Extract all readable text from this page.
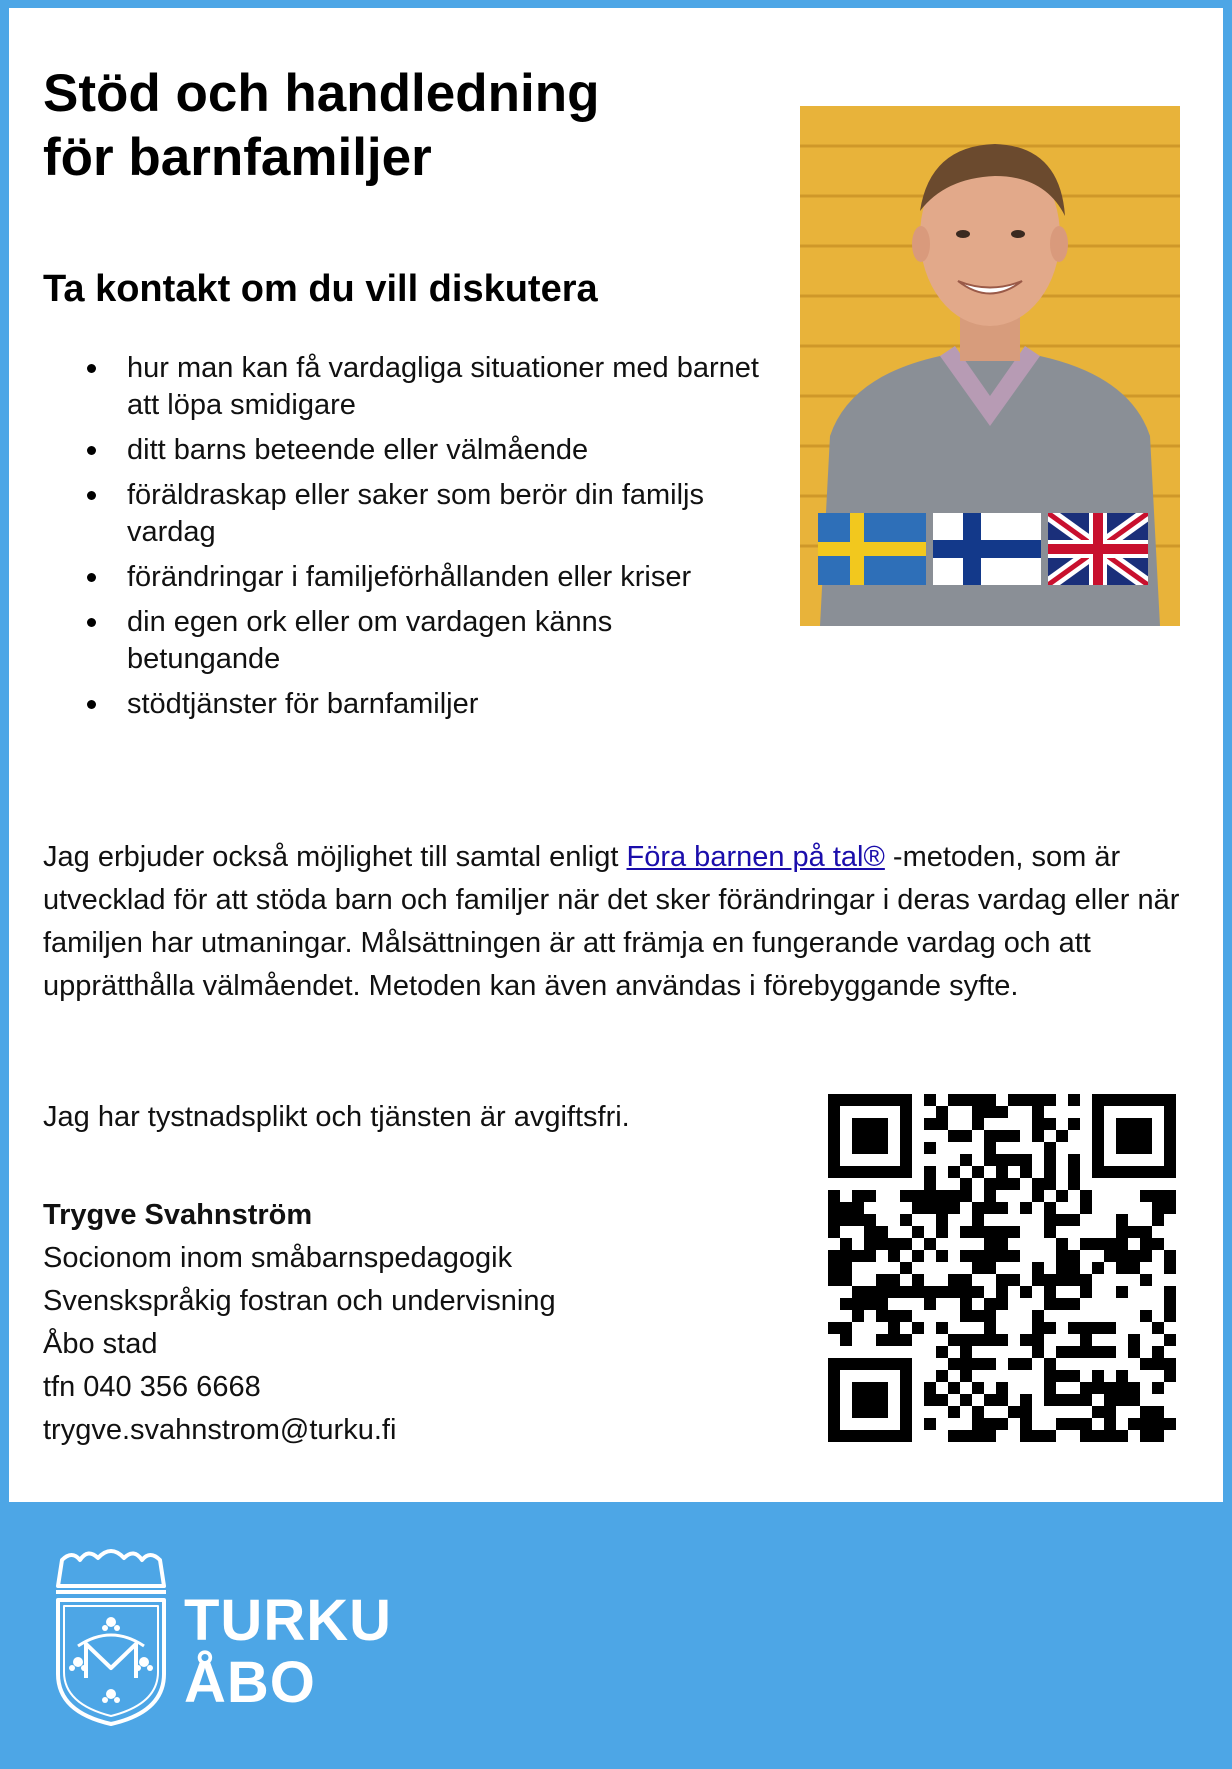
Stöd och handledning
för barnfamiljer
Ta kontakt om du vill diskutera
hur man kan få vardagliga situationer med barnet att löpa smidigare
ditt barns beteende eller välmående
föräldraskap eller saker som berör din familjs vardag
förändringar i familjeförhållanden eller kriser
din egen ork eller om vardagen känns betungande
stödtjänster för barnfamiljer

Jag erbjuder också möjlighet till samtal enligt Föra barnen på tal® -metoden, som är utvecklad för att stöda barn och familjer när det sker förändringar i deras vardag eller när familjen har utmaningar. Målsättningen är att främja en fungerande vardag och att upprätthålla välmåendet. Metoden kan även användas i förebyggande syfte.

Jag har tystnadsplikt och tjänsten är avgiftsfri.

Trygve Svahnström
Socionom inom småbarnspedagogik
Svenskspråkig fostran och undervisning
Åbo stad
tfn 040 356 6668
trygve.svahnstrom@turku.fi
TURKU
ÅBO
